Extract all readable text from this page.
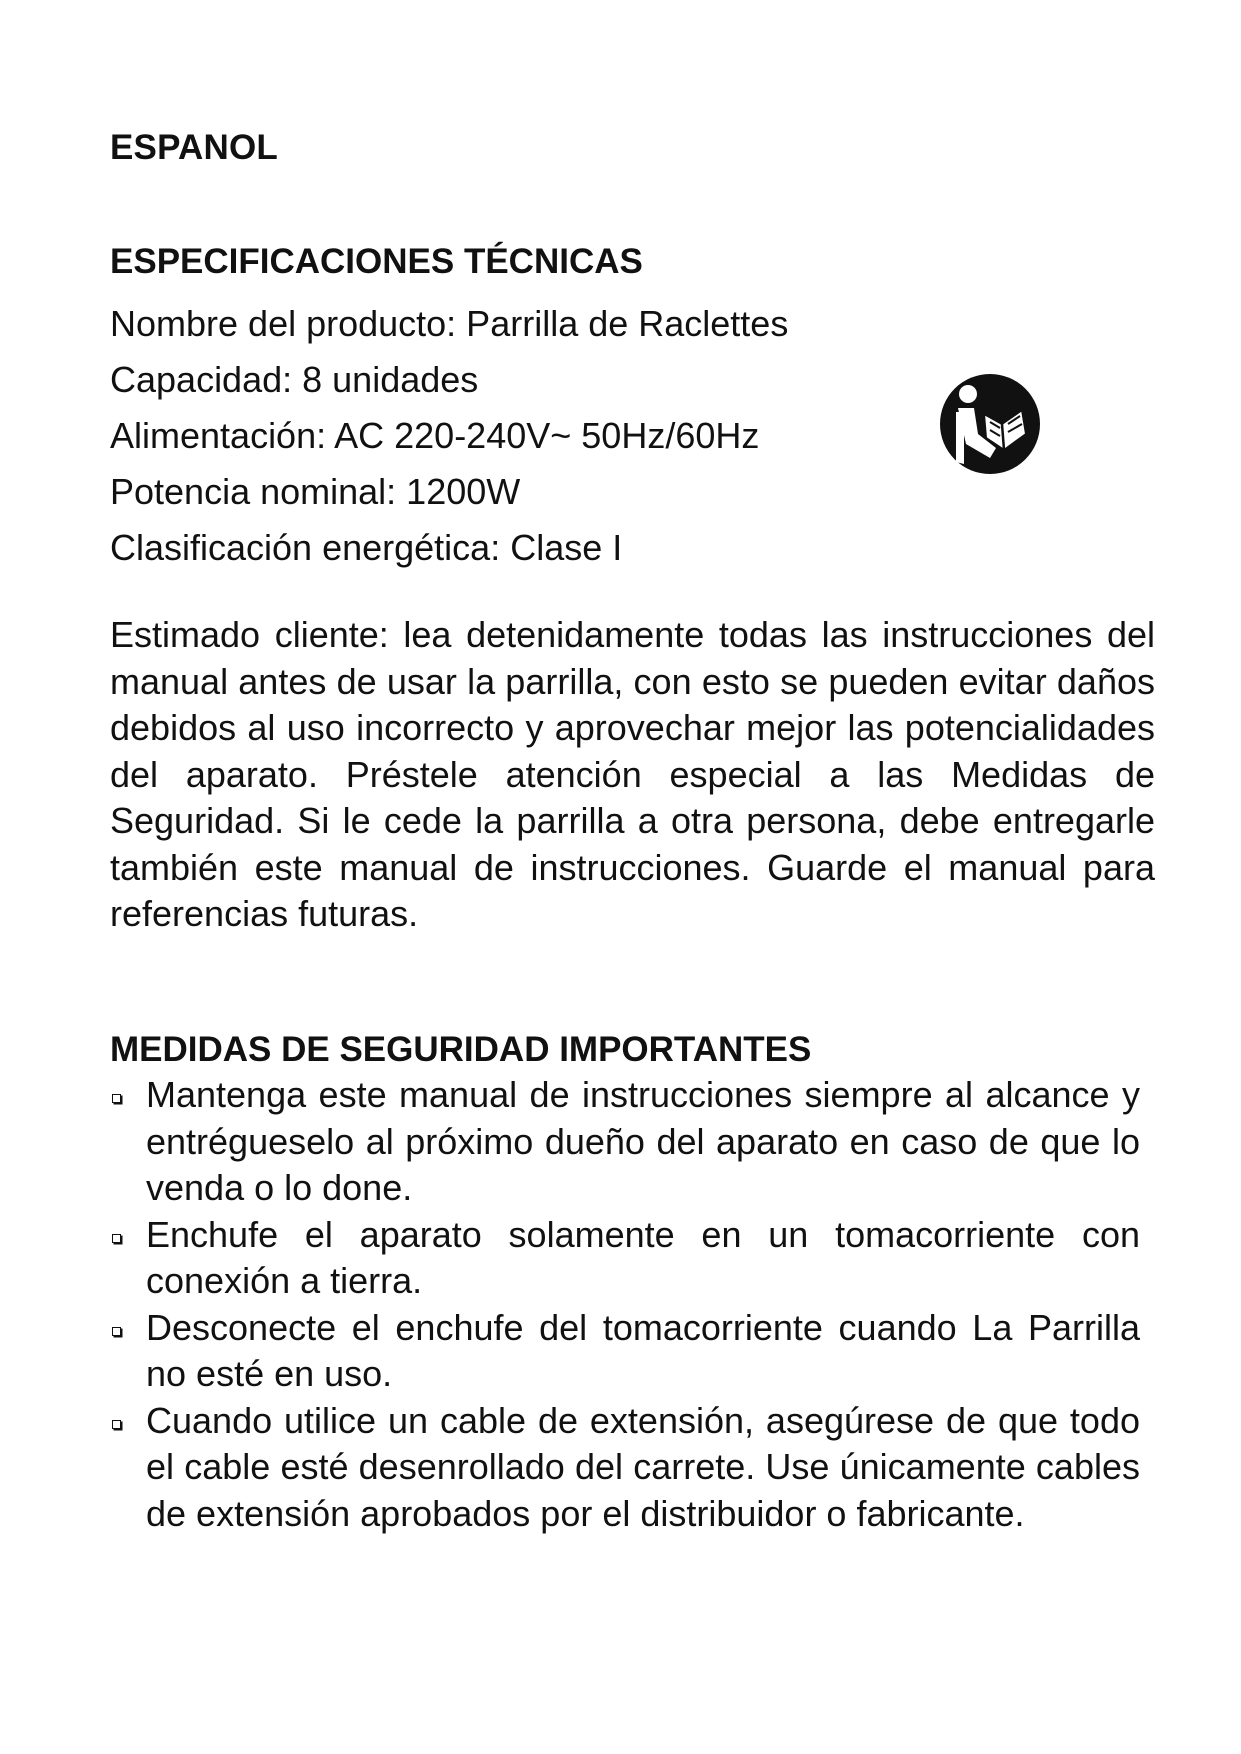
ESPANOL
ESPECIFICACIONES TÉCNICAS
Nombre del producto: Parrilla de Raclettes
Capacidad: 8 unidades
Alimentación: AC 220-240V~ 50Hz/60Hz
Potencia nominal: 1200W
Clasificación energética: Clase I

Estimado cliente: lea detenidamente todas las instrucciones del manual antes de usar la parrilla, con esto se pueden evitar daños debidos al uso incorrecto y aprovechar mejor las potencialidades del aparato. Préstele atención especial a las Medidas de Seguridad. Si le cede la parrilla a otra persona, debe entregarle también este manual de instrucciones. Guarde el manual para referencias futuras.

MEDIDAS DE SEGURIDAD IMPORTANTES
Mantenga este manual de instrucciones siempre al alcance y entrégueselo al próximo dueño del aparato en caso de que lo venda o lo done.
Enchufe el aparato solamente en un tomacorriente con conexión a tierra.
Desconecte el enchufe del tomacorriente cuando La Parrilla no esté en uso.
Cuando utilice un cable de extensión, asegúrese de que todo el cable esté desenrollado del carrete. Use únicamente cables de extensión aprobados por el distribuidor o fabricante.
